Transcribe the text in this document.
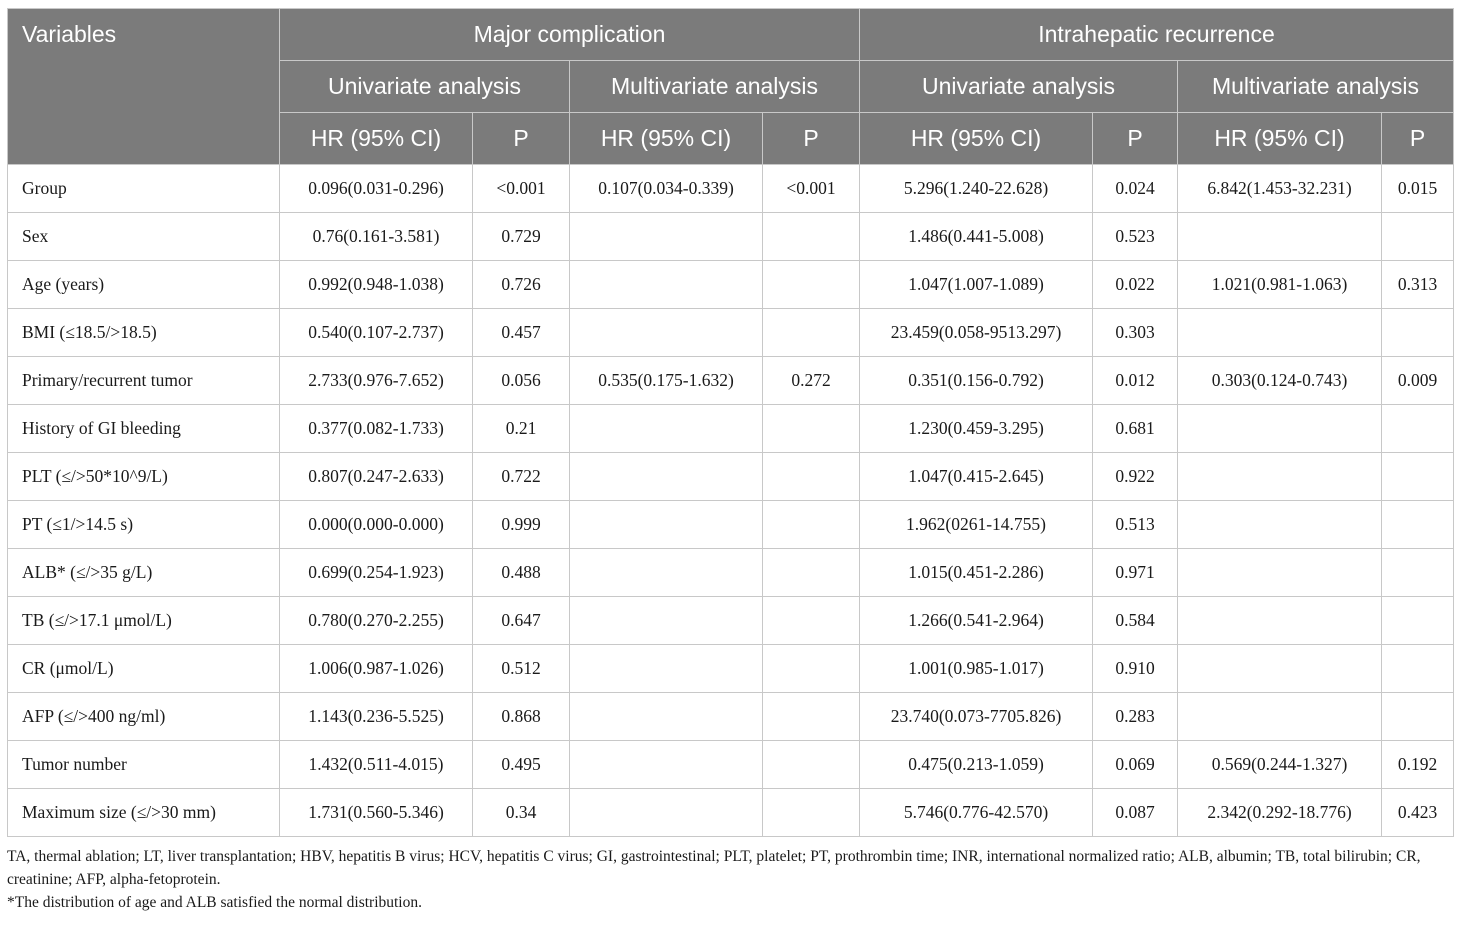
Variables	Major complication				Intrahepatic recurrence			
	Univariate analysis		Multivariate analysis		Univariate analysis		Multivariate analysis	
	HR (95% CI)	P	HR (95% CI)	P	HR (95% CI)	P	HR (95% CI)	P
Group	0.096(0.031-0.296)	<0.001	0.107(0.034-0.339)	<0.001	5.296(1.240-22.628)	0.024	6.842(1.453-32.231)	0.015
Sex	0.76(0.161-3.581)	0.729			1.486(0.441-5.008)	0.523		
Age (years)	0.992(0.948-1.038)	0.726			1.047(1.007-1.089)	0.022	1.021(0.981-1.063)	0.313
BMI (≤18.5/>18.5)	0.540(0.107-2.737)	0.457			23.459(0.058-9513.297)	0.303		
Primary/recurrent tumor	2.733(0.976-7.652)	0.056	0.535(0.175-1.632)	0.272	0.351(0.156-0.792)	0.012	0.303(0.124-0.743)	0.009
History of GI bleeding	0.377(0.082-1.733)	0.21			1.230(0.459-3.295)	0.681		
PLT (≤/>50*10^9/L)	0.807(0.247-2.633)	0.722			1.047(0.415-2.645)	0.922		
PT (≤1/>14.5 s)	0.000(0.000-0.000)	0.999			1.962(0261-14.755)	0.513		
ALB* (≤/>35 g/L)	0.699(0.254-1.923)	0.488			1.015(0.451-2.286)	0.971		
TB (≤/>17.1 μmol/L)	0.780(0.270-2.255)	0.647			1.266(0.541-2.964)	0.584		
CR (μmol/L)	1.006(0.987-1.026)	0.512			1.001(0.985-1.017)	0.910		
AFP (≤/>400 ng/ml)	1.143(0.236-5.525)	0.868			23.740(0.073-7705.826)	0.283		
Tumor number	1.432(0.511-4.015)	0.495			0.475(0.213-1.059)	0.069	0.569(0.244-1.327)	0.192
Maximum size (≤/>30 mm)	1.731(0.560-5.346)	0.34			5.746(0.776-42.570)	0.087	2.342(0.292-18.776)	0.423

TA, thermal ablation; LT, liver transplantation; HBV, hepatitis B virus; HCV, hepatitis C virus; GI, gastrointestinal; PLT, platelet; PT, prothrombin time; INR, international normalized ratio; ALB, albumin; TB, total bilirubin; CR, creatinine; AFP, alpha-fetoprotein.

*The distribution of age and ALB satisfied the normal distribution.
